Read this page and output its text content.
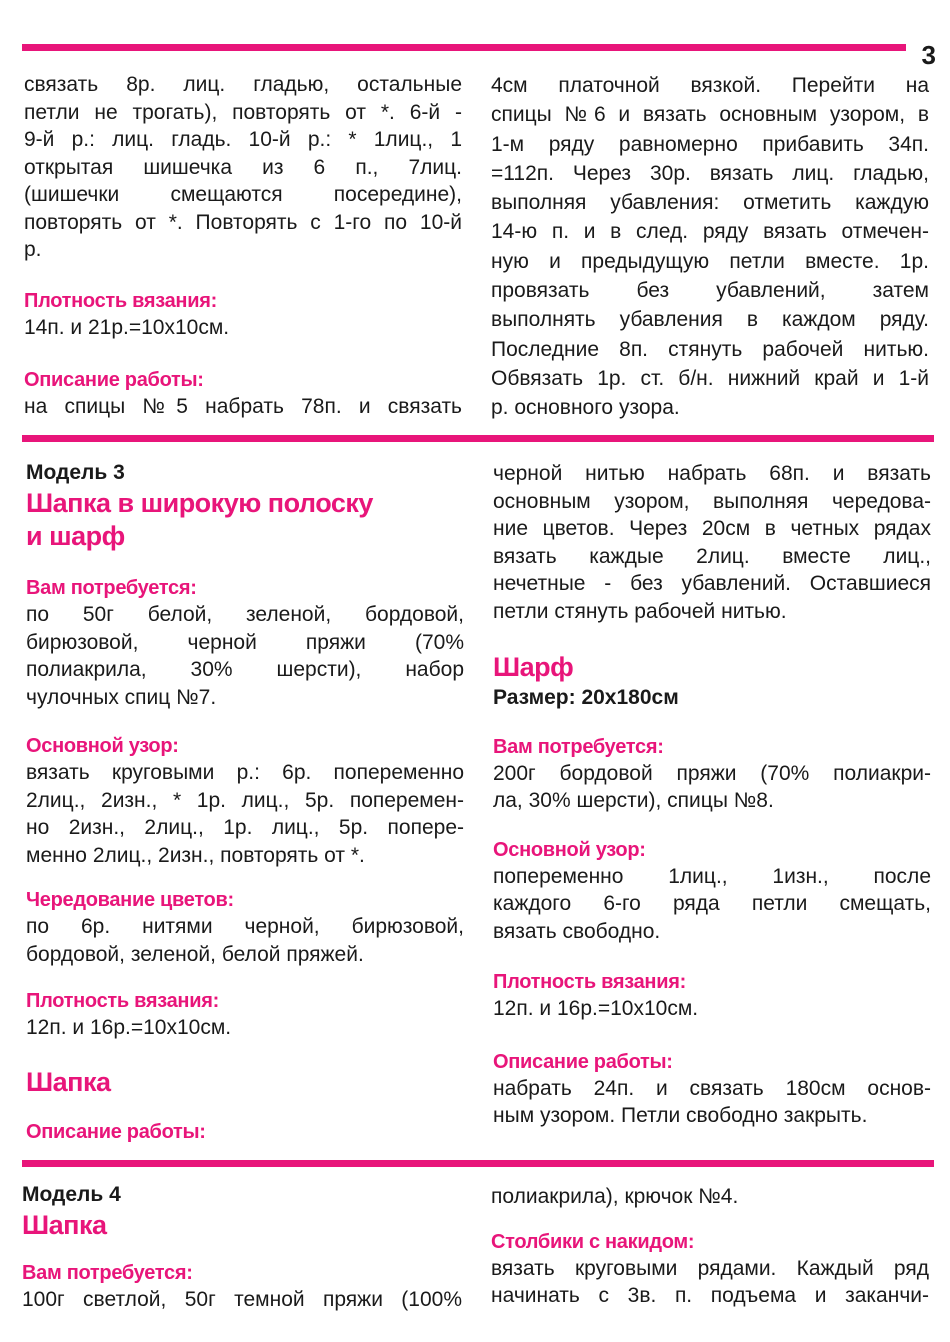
3

связать 8р. лиц. гладью, остальные

петли не трогать), повторять от *. 6-й -

9-й р.: лиц. гладь. 10-й р.: * 1лиц., 1

открытая шишечка из 6 п., 7лиц.

(шишечки смещаются посередине),

повторять от *. Повторять с 1-го по 10-й

р.

Плотность вязания:

14п. и 21р.=10х10см.

Описание работы:

на спицы №5 набрать 78п. и связать

4см платочной вязкой. Перейти на

спицы №6 и вязать основным узором, в

1-м ряду равномерно прибавить 34п.

=112п. Через 30р. вязать лиц. гладью,

выполняя убавления: отметить каждую

14-ю п. и в след. ряду вязать отмечен-

ную и предыдущую петли вместе. 1р.

провязать без убавлений, затем

выполнять убавления в каждом ряду.

Последние 8п. стянуть рабочей нитью.

Обвязать 1р. ст. б/н. нижний край и 1-й

р. основного узора.

Модель 3

Шапка в широкую полоску

и шарф

Вам потребуется:

по 50г белой, зеленой, бордовой,

бирюзовой, черной пряжи (70%

полиакрила, 30% шерсти), набор

чулочных спиц №7.

Основной узор:

вязать круговыми р.: 6р. попеременно

2лиц., 2изн., * 1р. лиц., 5р. поперемен-

но 2изн., 2лиц., 1р. лиц., 5р. попере-

менно 2лиц., 2изн., повторять от *.

Чередование цветов:

по 6р. нитями черной, бирюзовой,

бордовой, зеленой, белой пряжей.

Плотность вязания:

12п. и 16р.=10х10см.

Шапка

Описание работы:

черной нитью набрать 68п. и вязать

основным узором, выполняя чередова-

ние цветов. Через 20см в четных рядах

вязать каждые 2лиц. вместе лиц.,

нечетные - без убавлений. Оставшиеся

петли стянуть рабочей нитью.

Шарф

Размер: 20х180см

Вам потребуется:

200г бордовой пряжи (70% полиакри-

ла, 30% шерсти), спицы №8.

Основной узор:

попеременно 1лиц., 1изн., после

каждого 6-го ряда петли смещать,

вязать свободно.

Плотность вязания:

12п. и 16р.=10х10см.

Описание работы:

набрать 24п. и связать 180см основ-

ным узором. Петли свободно закрыть.

Модель 4

Шапка

Вам потребуется:

100г светлой, 50г темной пряжи (100%

полиакрила), крючок №4.

Столбики с накидом:

вязать круговыми рядами. Каждый ряд

начинать с 3в. п. подъема и заканчи-
